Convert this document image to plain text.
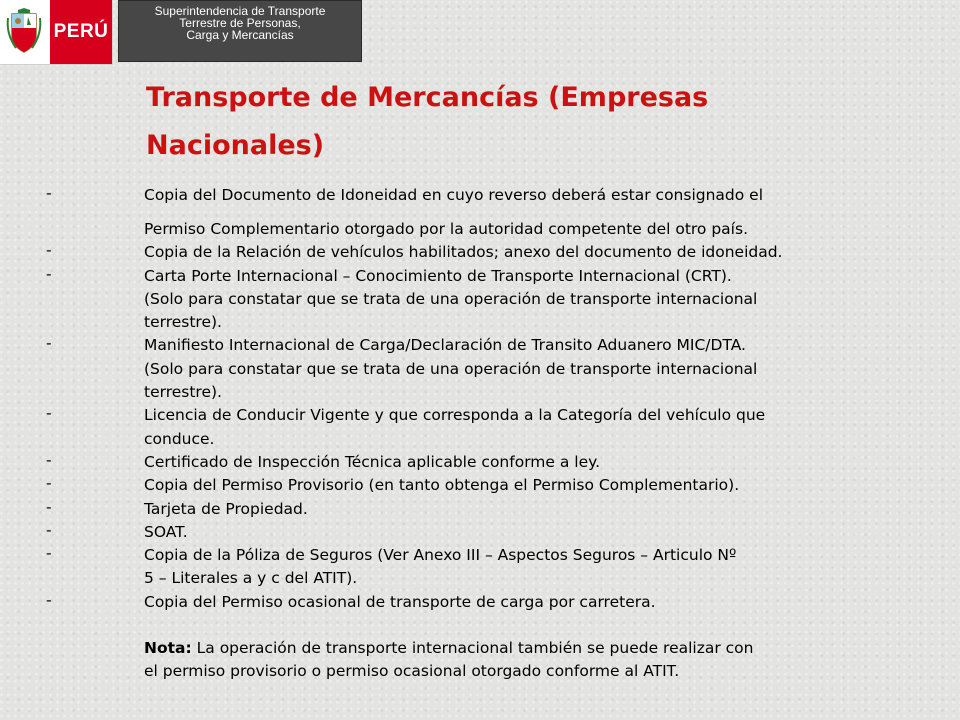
PERÚ
Superintendencia de Transporte
Terrestre de Personas,
Carga y Mercancías
Transporte de Mercancías (Empresas
Nacionales)
-	Copia del Documento de Idoneidad en cuyo reverso deberá estar consignado el
Permiso Complementario otorgado por la autoridad competente del otro país.
-	Copia de la Relación de vehículos habilitados; anexo del documento de idoneidad.
-	Carta Porte Internacional – Conocimiento de Transporte Internacional (CRT).
(Solo para constatar que se trata de una operación de transporte internacional
terrestre).
-	Manifiesto Internacional de Carga/Declaración de Transito Aduanero MIC/DTA.
(Solo para constatar que se trata de una operación de transporte internacional
terrestre).
-	Licencia de Conducir Vigente y que corresponda a la Categoría del vehículo que
conduce.
-	Certificado de Inspección Técnica aplicable conforme a ley.
-	Copia del Permiso Provisorio (en tanto obtenga el Permiso Complementario).
-	Tarjeta de Propiedad.
-	SOAT.
-	Copia de la Póliza de Seguros (Ver Anexo III – Aspectos Seguros – Articulo Nº
5 – Literales a y c del ATIT).
-	Copia del Permiso ocasional de transporte de carga por carretera.
Nota: La operación de transporte internacional también se puede realizar con
el permiso provisorio o permiso ocasional otorgado conforme al ATIT.
